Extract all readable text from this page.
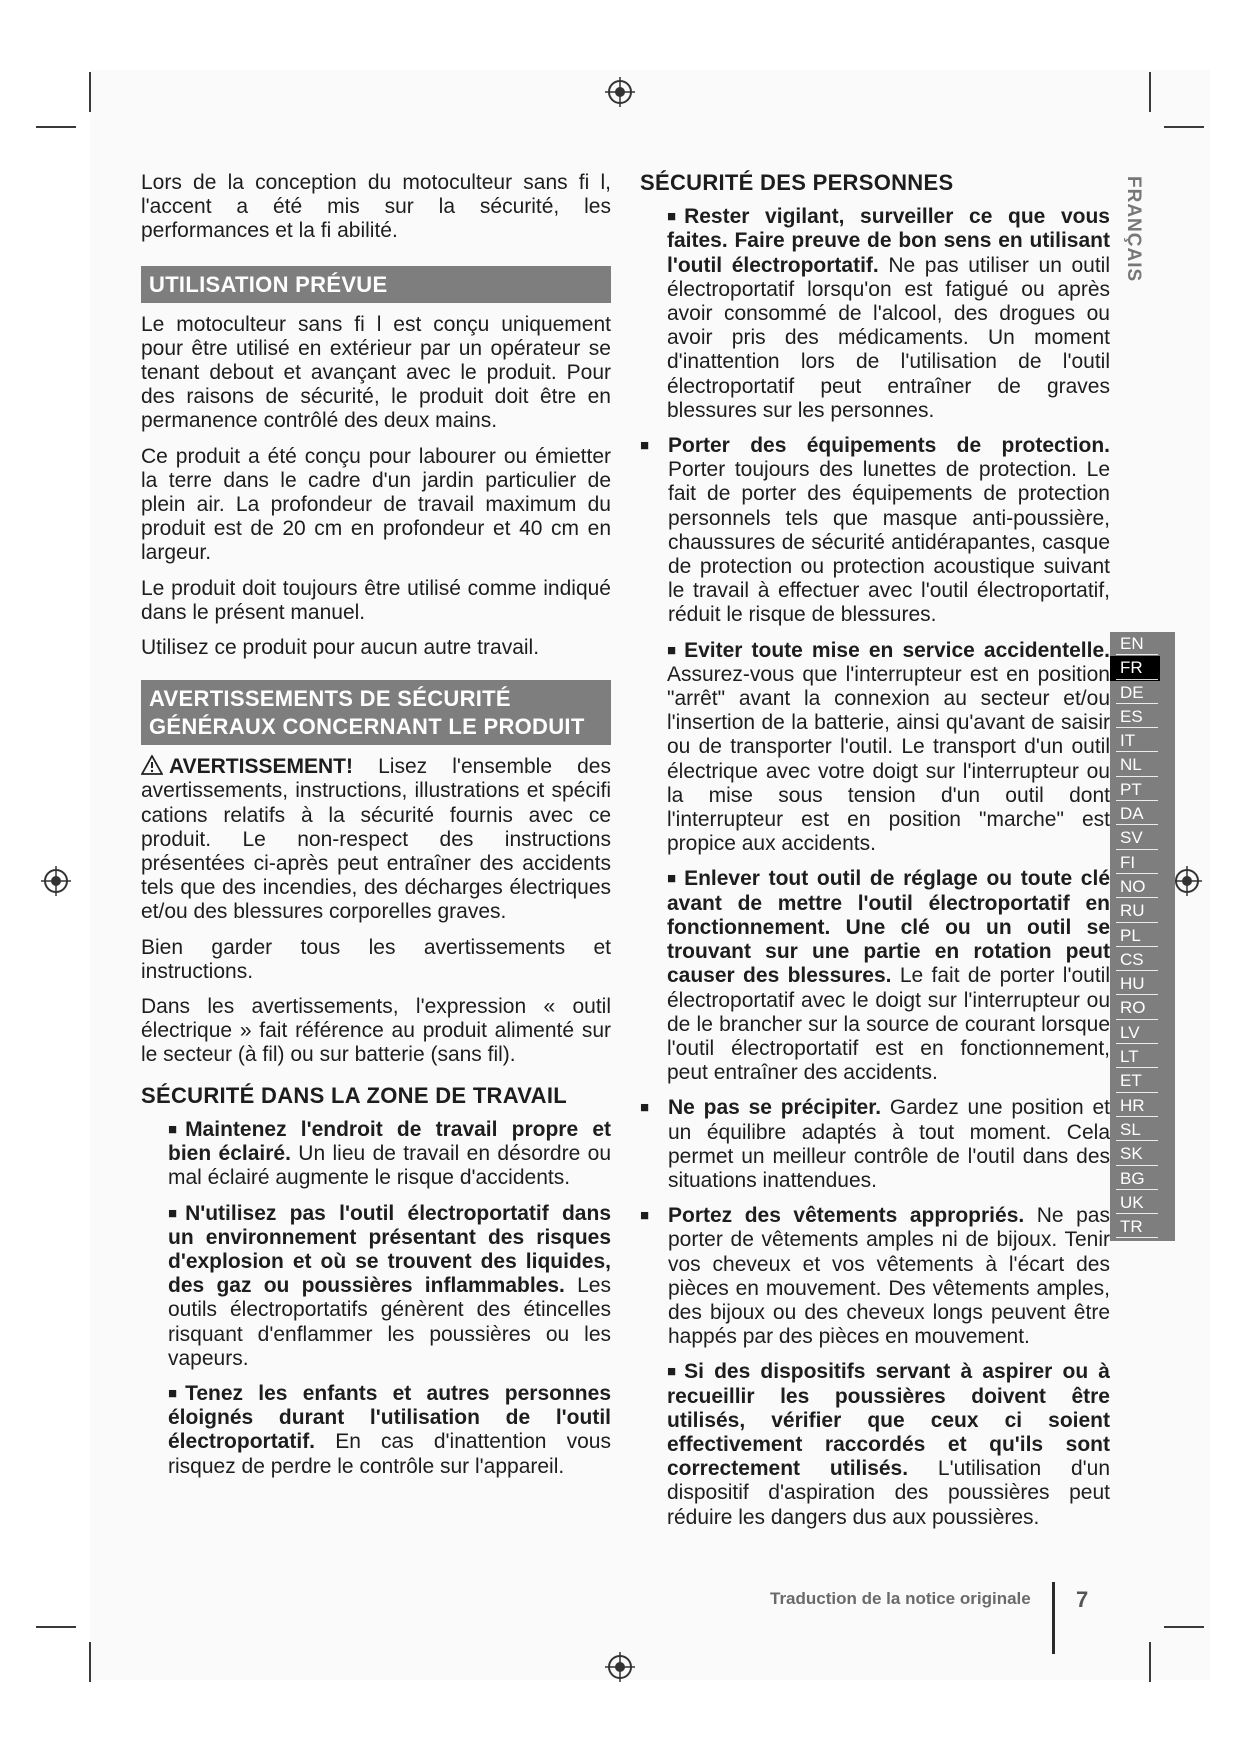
FRANÇAIS

Lors de la conception du motoculteur sans fi l, l'accent a été mis sur la sécurité, les performances et la fi abilité.

UTILISATION PRÉVUE

Le motoculteur sans fi l est conçu uniquement pour être utilisé en extérieur par un opérateur se tenant debout et avançant avec le produit. Pour des raisons de sécurité, le produit doit être en permanence contrôlé des deux mains.

Ce produit a été conçu pour labourer ou émietter la terre dans le cadre d'un jardin particulier de plein air. La profondeur de travail maximum du produit est de 20 cm en profondeur et 40 cm en largeur.

Le produit doit toujours être utilisé comme indiqué dans le présent manuel.

Utilisez ce produit pour aucun autre travail.

AVERTISSEMENTS DE SÉCURITÉ GÉNÉRAUX CONCERNANT LE PRODUIT

AVERTISSEMENT! Lisez l'ensemble des avertissements, instructions, illustrations et spécifi cations relatifs à la sécurité fournis avec ce produit. Le non-respect des instructions présentées ci-après peut entraîner des accidents tels que des incendies, des décharges électriques et/ou des blessures corporelles graves.

Bien garder tous les avertissements et instructions.

Dans les avertissements, l'expression « outil électrique » fait référence au produit alimenté sur le secteur (à fil) ou sur batterie (sans fil).

SÉCURITÉ DANS LA ZONE DE TRAVAIL
■ Maintenez l'endroit de travail propre et bien éclairé. Un lieu de travail en désordre ou mal éclairé augmente le risque d'accidents.
■ N'utilisez pas l'outil électroportatif dans un environnement présentant des risques d'explosion et où se trouvent des liquides, des gaz ou poussières inflammables. Les outils électroportatifs génèrent des étincelles risquant d'enflammer les poussières ou les vapeurs.
■ Tenez les enfants et autres personnes éloignés durant l'utilisation de l'outil électroportatif. En cas d'inattention vous risquez de perdre le contrôle sur l'appareil.
SÉCURITÉ DES PERSONNES
■ Rester vigilant, surveiller ce que vous faites. Faire preuve de bon sens en utilisant l'outil électroportatif. Ne pas utiliser un outil électroportatif lorsqu'on est fatigué ou après avoir consommé de l'alcool, des drogues ou avoir pris des médicaments. Un moment d'inattention lors de l'utilisation de l'outil électroportatif peut entraîner de graves blessures sur les personnes.
■ Porter des équipements de protection. Porter toujours des lunettes de protection. Le fait de porter des équipements de protection personnels tels que masque anti-poussière, chaussures de sécurité antidérapantes, casque de protection ou protection acoustique suivant le travail à effectuer avec l'outil électroportatif, réduit le risque de blessures.
■ Eviter toute mise en service accidentelle. Assurez-vous que l'interrupteur est en position "arrêt" avant la connexion au secteur et/ou l'insertion de la batterie, ainsi qu'avant de saisir ou de transporter l'outil. Le transport d'un outil électrique avec votre doigt sur l'interrupteur ou la mise sous tension d'un outil dont l'interrupteur est en position "marche" est propice aux accidents.
■ Enlever tout outil de réglage ou toute clé avant de mettre l'outil électroportatif en fonctionnement. Une clé ou un outil se trouvant sur une partie en rotation peut causer des blessures. Le fait de porter l'outil électroportatif avec le doigt sur l'interrupteur ou de le brancher sur la source de courant lorsque l'outil électroportatif est en fonctionnement, peut entraîner des accidents.
■ Ne pas se précipiter. Gardez une position et un équilibre adaptés à tout moment. Cela permet un meilleur contrôle de l'outil dans des situations inattendues.
■ Portez des vêtements appropriés. Ne pas porter de vêtements amples ni de bijoux. Tenir vos cheveux et vos vêtements à l'écart des pièces en mouvement. Des vêtements amples, des bijoux ou des cheveux longs peuvent être happés par des pièces en mouvement.
■ Si des dispositifs servant à aspirer ou à recueillir les poussières doivent être utilisés, vérifier que ceux ci soient effectivement raccordés et qu'ils sont correctement utilisés. L'utilisation d'un dispositif d'aspiration des poussières peut réduire les dangers dus aux poussières.
EN
FR
DE
ES
IT
NL
PT
DA
SV
FI
NO
RU
PL
CS
HU
RO
LV
LT
ET
HR
SL
SK
BG
UK
TR
Traduction de la notice originale 7
